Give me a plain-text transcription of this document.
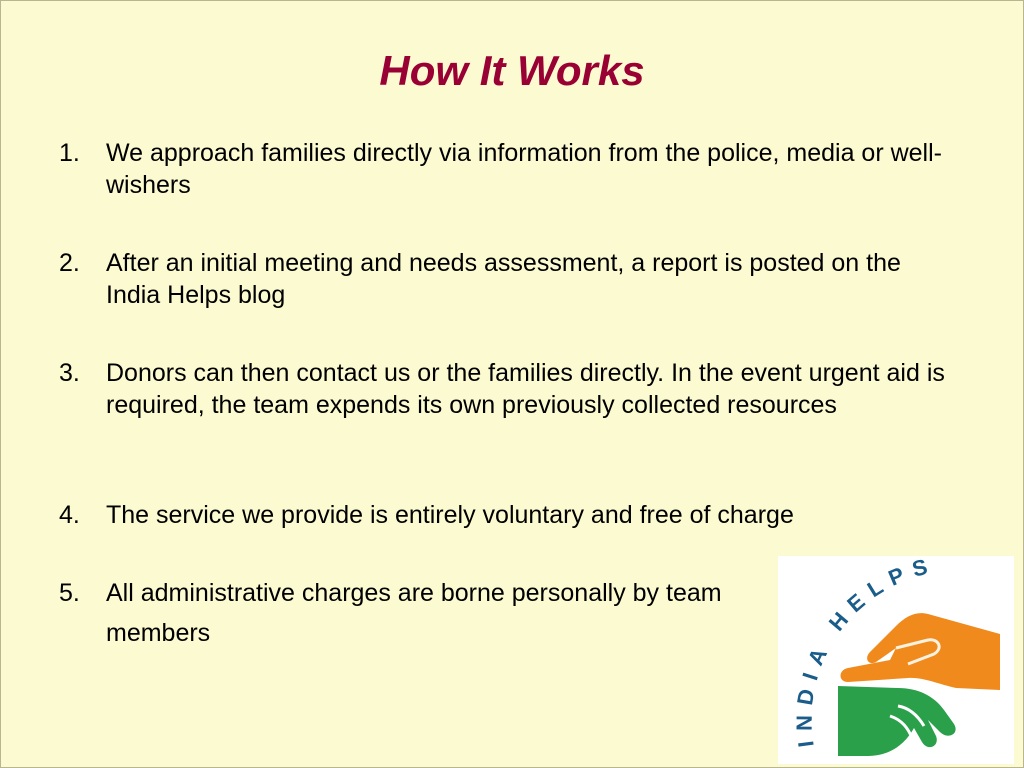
How It Works
1.	We approach families directly via information from the police, media or well-wishers
2.	After an initial meeting and needs assessment, a report is posted on the India Helps blog
3.	Donors can then contact us or the families directly. In the event urgent aid is required, the team expends its own previously collected resources
4.	The service we provide is entirely voluntary and free of charge
5.	All administrative charges are borne personally by team members
INDIA HELPS
